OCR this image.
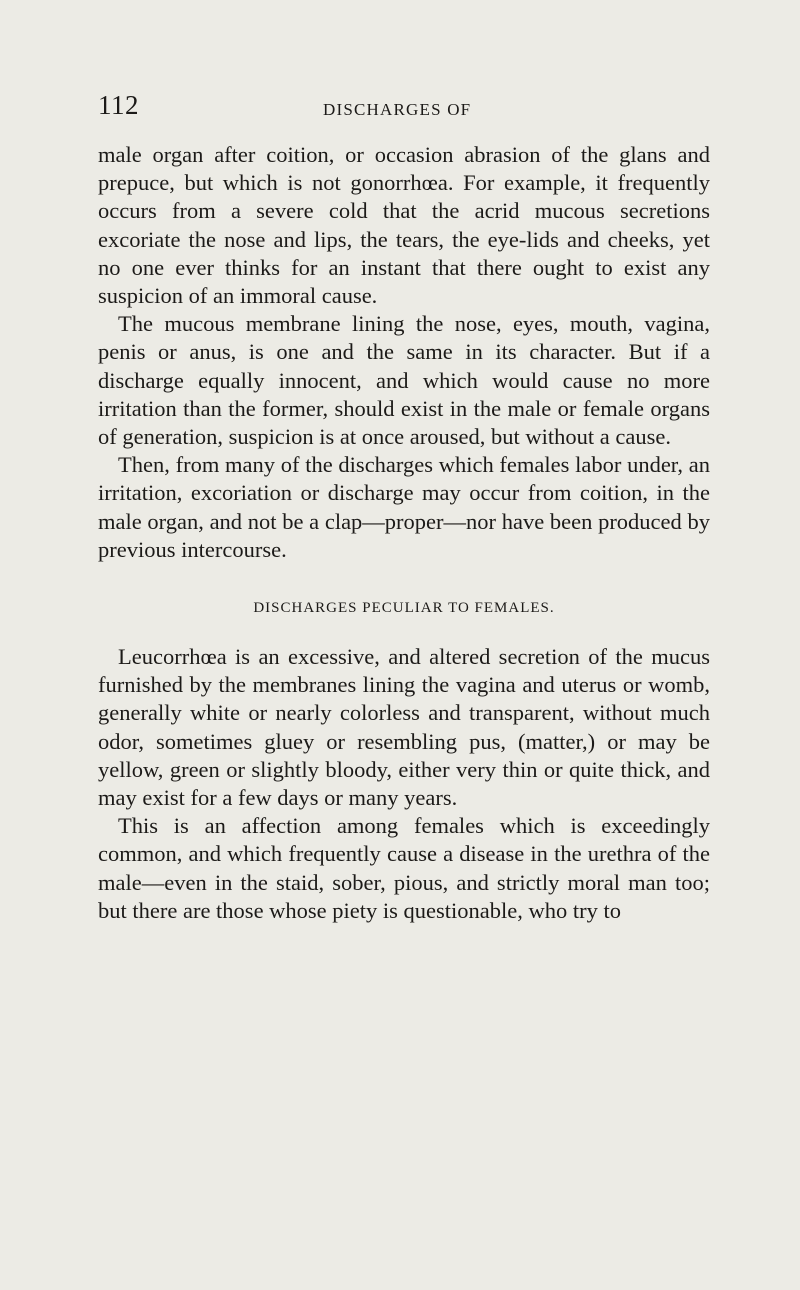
112	DISCHARGES OF

male organ after coition, or occasion abrasion of the glans and prepuce, but which is not gonorrhœa. For example, it frequently occurs from a severe cold that the acrid mucous secretions excoriate the nose and lips, the tears, the eye-lids and cheeks, yet no one ever thinks for an instant that there ought to exist any suspicion of an immoral cause.

The mucous membrane lining the nose, eyes, mouth, vagina, penis or anus, is one and the same in its character. But if a discharge equally innocent, and which would cause no more irritation than the former, should exist in the male or female organs of generation, suspicion is at once aroused, but without a cause.

Then, from many of the discharges which females labor under, an irritation, excoriation or discharge may occur from coition, in the male organ, and not be a clap—proper—nor have been produced by previous intercourse.

DISCHARGES PECULIAR TO FEMALES.

Leucorrhœa is an excessive, and altered secretion of the mucus furnished by the membranes lining the vagina and uterus or womb, generally white or nearly colorless and transparent, without much odor, sometimes gluey or resembling pus, (matter,) or may be yellow, green or slightly bloody, either very thin or quite thick, and may exist for a few days or many years.

This is an affection among females which is exceedingly common, and which frequently cause a disease in the urethra of the male—even in the staid, sober, pious, and strictly moral man too; but there are those whose piety is questionable, who try to
